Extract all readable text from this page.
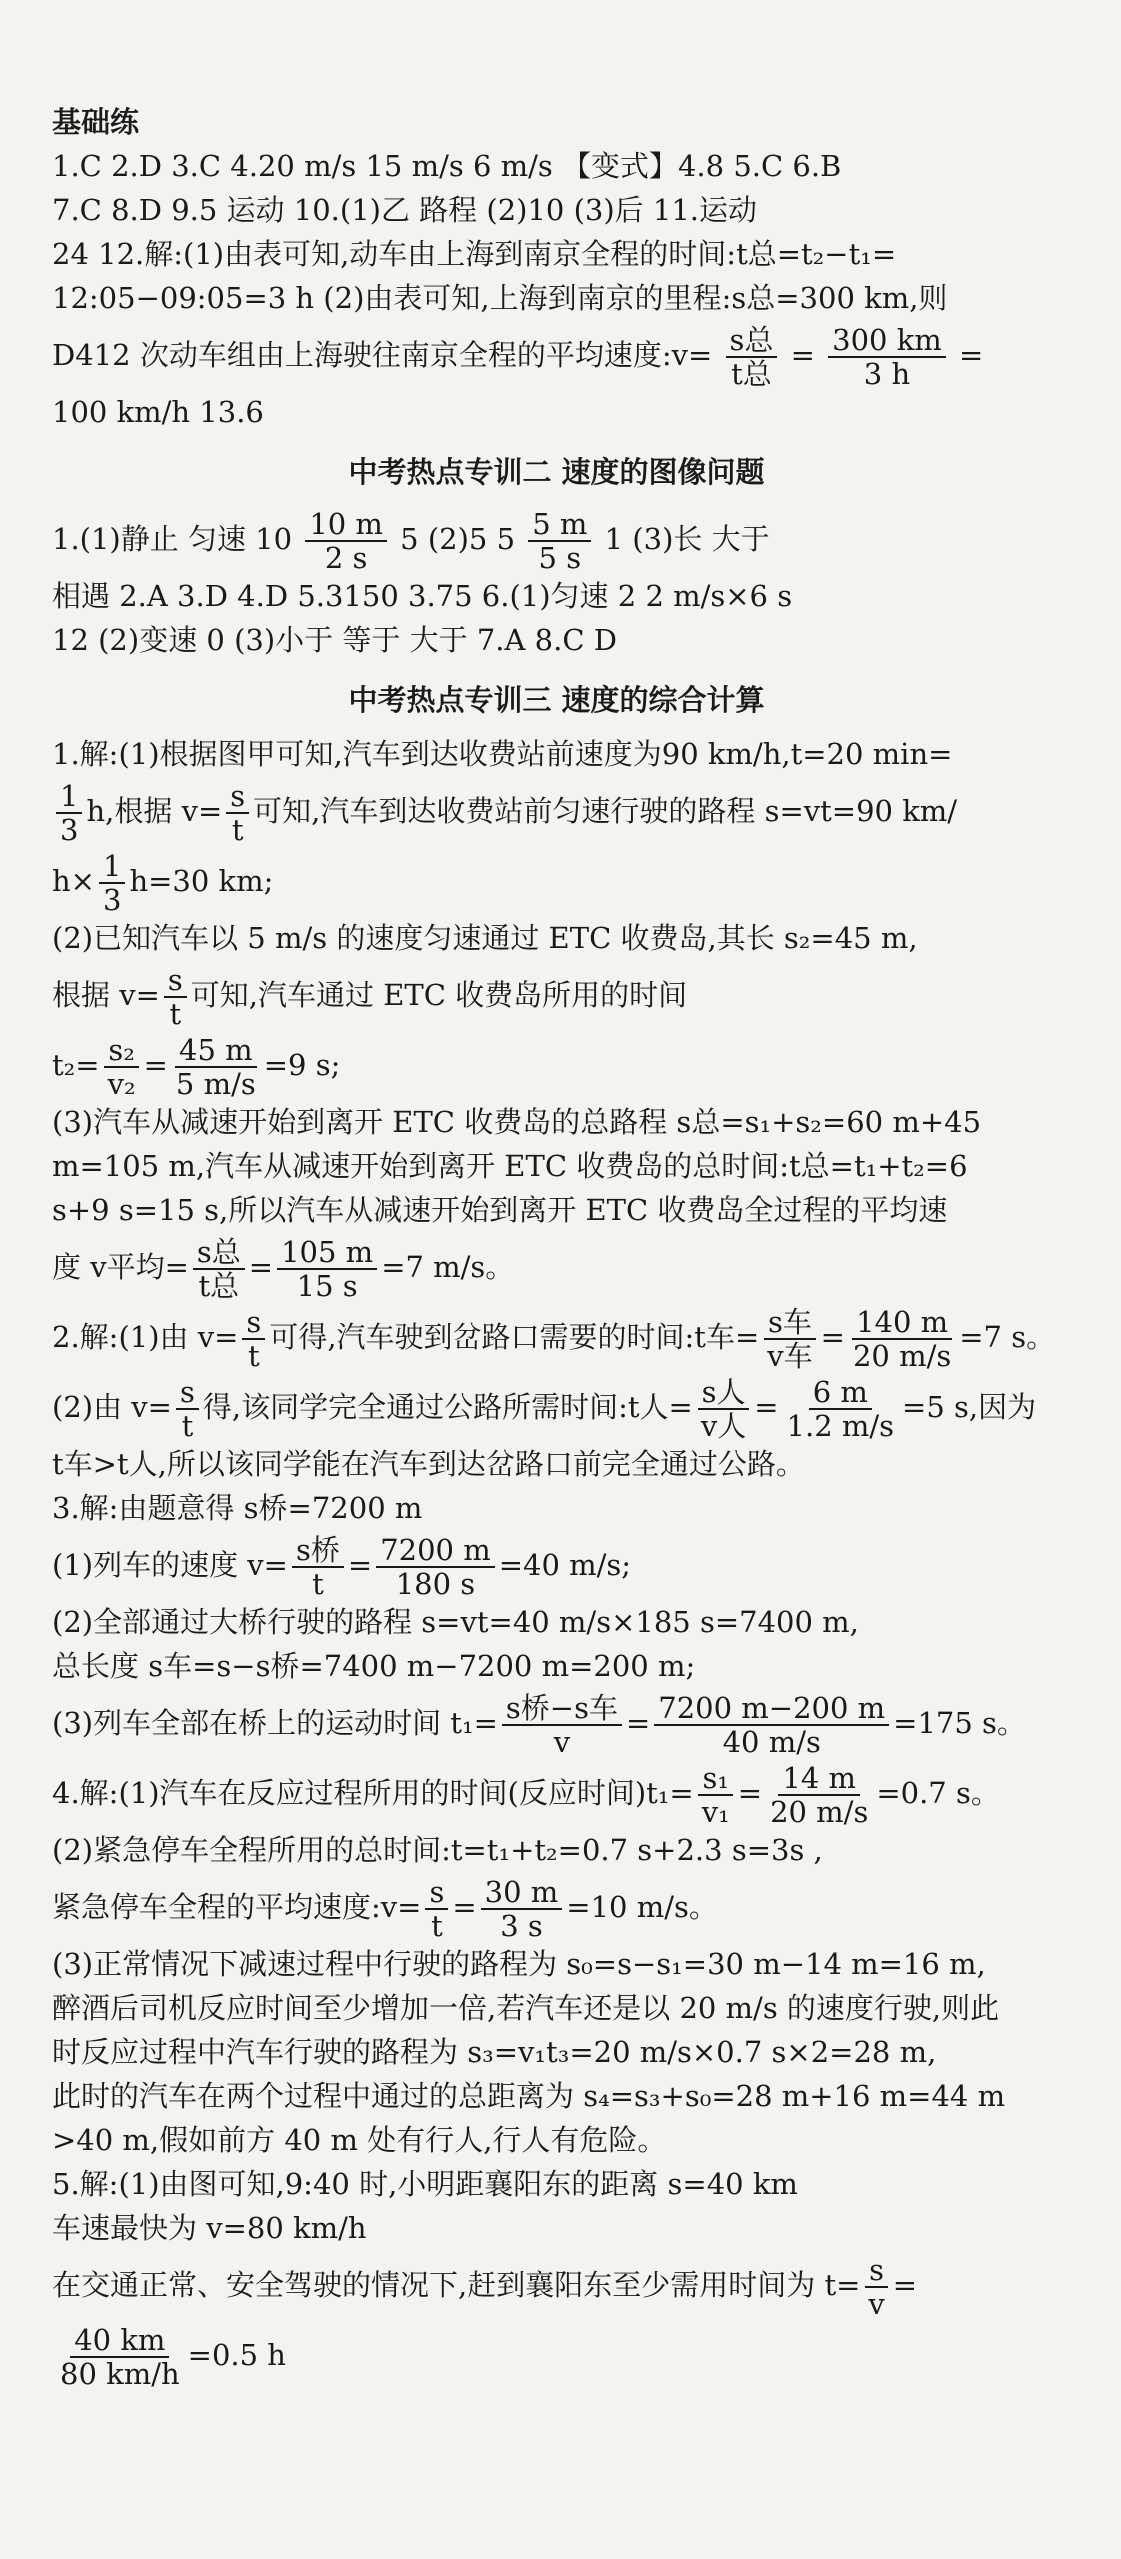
基础练
1.C 2.D 3.C 4.20 m/s 15 m/s 6 m/s 【变式】4.8 5.C 6.B
7.C 8.D 9.5 运动 10.(1)乙 路程 (2)10 (3)后 11.运动
24 12.解:(1)由表可知,动车由上海到南京全程的时间:t总=t₂−t₁=
12:05−09:05=3 h (2)由表可知,上海到南京的里程:s总=300 km,则
D412 次动车组由上海驶往南京全程的平均速度:v= $\frac{\text{s总}}{\text{t总}} = \frac{300 km}{3 h}$ =
100 km/h 13.6
中考热点专训二 速度的图像问题
1.(1)静止 匀速 $10 \frac{10 m}{2 s} 5$ (2)5 $5 \frac{5 m}{5 s} 1$ (3)长 大于
相遇 2.A 3.D 4.D 5.3150 3.75 6.(1)匀速 2 2 m/s×6 s
12 (2)变速 0 (3)小于 等于 大于 7.A 8.C D
中考热点专训三 速度的综合计算
1.解:(1)根据图甲可知,汽车到达收费站前速度为90 km/h,t=20 min=
$\frac{1}{3} h$,根据 $v= \frac{s}{t}$ 可知,汽车到达收费站前匀速行驶的路程 s=vt=90 km/
$h\times \frac{1}{3} h=30$ km;
(2)已知汽车以 5 m/s 的速度匀速通过 ETC 收费岛,其长 s₂=45 m,
根据 $v= \frac{s}{t}$ 可知,汽车通过 ETC 收费岛所用的时间
$t_2= \frac{\text{s₂}}{\text{v₂}} = \frac{45 m}{5 m/s} =9$ s;
(3)汽车从减速开始到离开 ETC 收费岛的总路程 s总=s₁+s₂=60 m+45
m=105 m,汽车从减速开始到离开 ETC 收费岛的总时间:t总=t₁+t₂=6
s+9 s=15 s,所以汽车从减速开始到离开 ETC 收费岛全过程的平均速
度 v平均= $\frac{\text{s总}}{\text{t总}} = \frac{105 m}{15 s} =7$ m/s。
2.解:(1)由 $v= \frac{s}{t}$ 可得,汽车驶到岔路口需要的时间:t车= $\frac{\text{s车}}{\text{v车}} = \frac{140 m}{20 m/s} =7$ s。
(2)由 $v= \frac{s}{t}$ 得,该同学完全通过公路所需时间:t人= $\frac{\text{s人}}{\text{v人}} = \frac{6 m}{1.2 m/s} =5$ s,因为
t车>t人,所以该同学能在汽车到达岔路口前完全通过公路。
3.解:由题意得 s桥=7200 m
(1)列车的速度 $v= \frac{\text{s桥}}{t} = \frac{7200 m}{180 s} =40$ m/s;
(2)全部通过大桥行驶的路程 s=vt=40 m/s×185 s=7400 m,
总长度 s车=s−s桥=7400 m−7200 m=200 m;
(3)列车全部在桥上的运动时间 $t_1= \frac{\text{s桥−s车}}{v} = \frac{7200 m-200 m}{40 m/s} =175$ s。
4.解:(1)汽车在反应过程所用的时间(反应时间)$t_1= \frac{\text{s₁}}{\text{v₁}} = \frac{14 m}{20 m/s} =0.7$ s。
(2)紧急停车全程所用的总时间:t=t₁+t₂=0.7 s+2.3 s=3s ,
紧急停车全程的平均速度:v= $\frac{s}{t} = \frac{30 m}{3 s} =10$ m/s。
(3)正常情况下减速过程中行驶的路程为 s₀=s−s₁=30 m−14 m=16 m,
醉酒后司机反应时间至少增加一倍,若汽车还是以 20 m/s 的速度行驶,则此
时反应过程中汽车行驶的路程为 s₃=v₁t₃=20 m/s×0.7 s×2=28 m,
此时的汽车在两个过程中通过的总距离为 s₄=s₃+s₀=28 m+16 m=44 m
>40 m,假如前方 40 m 处有行人,行人有危险。
5.解:(1)由图可知,9:40 时,小明距襄阳东的距离 s=40 km
车速最快为 v=80 km/h
在交通正常、安全驾驶的情况下,赶到襄阳东至少需用时间为 $t= \frac{s}{v}$ =
$\frac{40 km}{80 km/h} =0.5$ h
